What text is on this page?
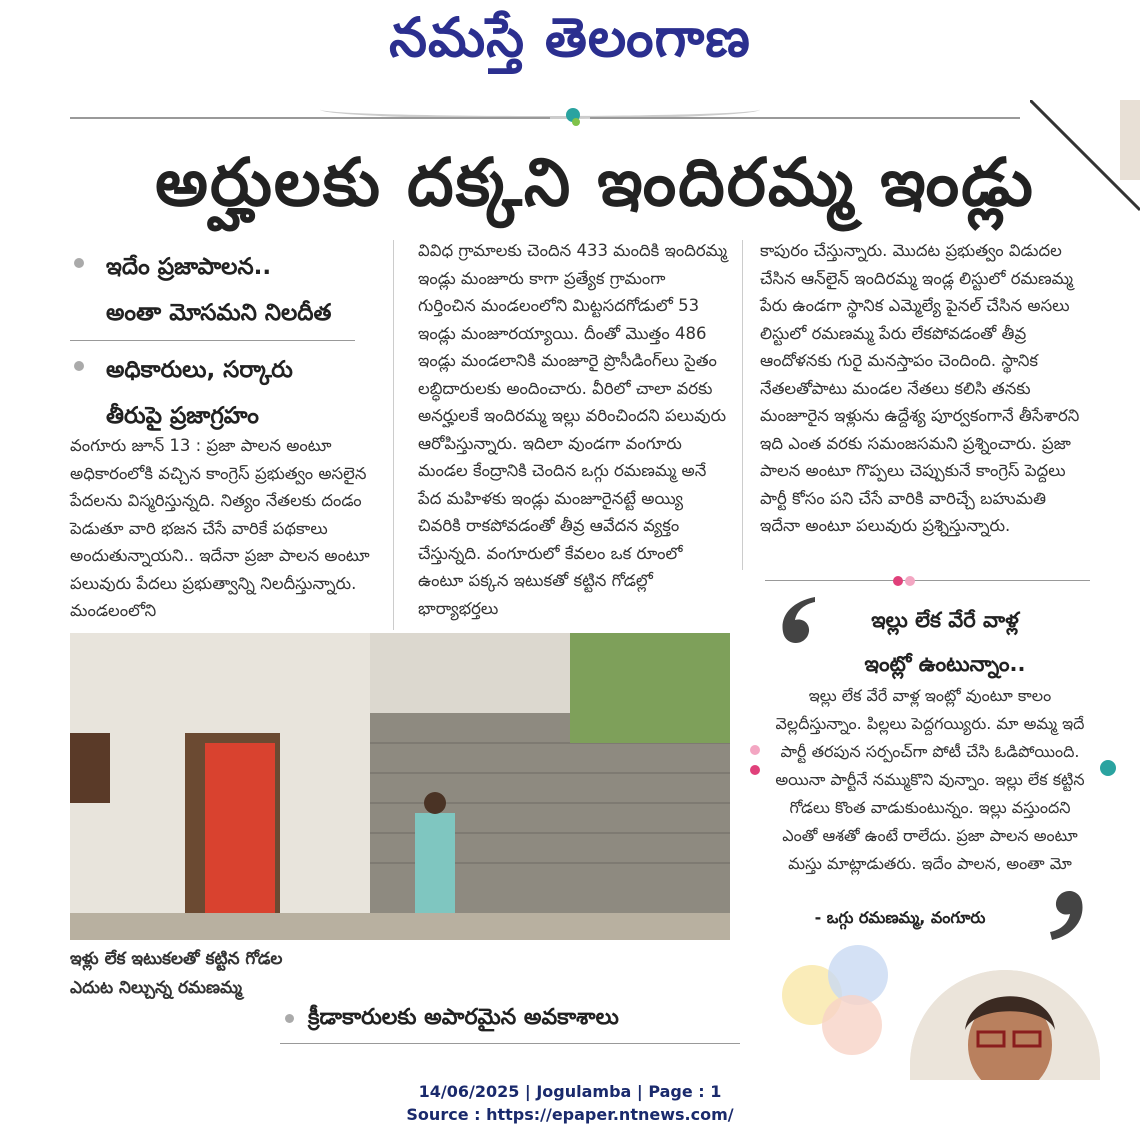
నమస్తే తెలంగాణ
అర్హులకు దక్కని ఇందిరమ్మ ఇండ్లు
ఇదేం ప్రజాపాలన..
అంతా మోసమని నిలదీత
అధికారులు, సర్కారు
తీరుపై ప్రజాగ్రహం
వంగూరు జూన్ 13 : ప్రజా పాలన అంటూ అధికారంలోకి వచ్చిన కాంగ్రెస్ ప్రభుత్వం అసలైన పేదలను విస్మరిస్తున్నది. నిత్యం నేతలకు దండం పెడుతూ వారి భజన చేసే వారికే పథకాలు అందుతున్నాయని.. ఇదేనా ప్రజా పాలన అంటూ పలువురు పేదలు ప్రభుత్వాన్ని నిలదీస్తున్నారు. మండలంలోని
వివిధ గ్రామాలకు చెందిన 433 మందికి ఇందిరమ్మ ఇండ్లు మంజూరు కాగా ప్రత్యేక గ్రామంగా గుర్తించిన మండలంలోని మిట్టసదగోడులో 53 ఇండ్లు మంజూరయ్యాయి. దీంతో మొత్తం 486 ఇండ్లు మండలానికి మంజూరై ప్రొసీడింగ్‌లు సైతం లబ్ధిదారులకు అందించారు. వీరిలో చాలా వరకు అనర్హులకే ఇందిరమ్మ ఇల్లు వరించిందని పలువురు ఆరోపిస్తున్నారు. ఇదిలా వుండగా వంగూరు మండల కేంద్రానికి చెందిన ఒగ్గు రమణమ్మ అనే పేద మహిళకు ఇండ్లు మంజూరైనట్టే అయ్యి చివరికి రాకపోవడంతో తీవ్ర ఆవేదన వ్యక్తం చేస్తున్నది. వంగూరులో కేవలం ఒక రూంలో ఉంటూ పక్కన ఇటుకతో కట్టిన గోడల్లో భార్యాభర్తలు
కాపురం చేస్తున్నారు. మొదట ప్రభుత్వం విడుదల చేసిన ఆన్‌లైన్ ఇందిరమ్మ ఇండ్ల లిస్టులో రమణమ్మ పేరు ఉండగా స్థానిక ఎమ్మెల్యే పైనల్ చేసిన అసలు లిస్టులో రమణమ్మ పేరు లేకపోవడంతో తీవ్ర ఆందోళనకు గురై మనస్తాపం చెందింది. స్థానిక నేతలతోపాటు మండల నేతలు కలిసి తనకు మంజూరైన ఇళ్లును ఉద్దేశ్య పూర్వకంగానే తీసేశారని ఇది ఎంత వరకు సమంజసమని ప్రశ్నించారు. ప్రజా పాలన అంటూ గొప్పలు చెప్పుకునే కాంగ్రెస్ పెద్దలు పార్టీ కోసం పని చేసే వారికి వారిచ్చే బహుమతి ఇదేనా అంటూ పలువురు ప్రశ్నిస్తున్నారు.
ఇళ్లు లేక ఇటుకలతో కట్టిన గోడల ఎదుట నిల్చున్న రమణమ్మ
ఇల్లు లేక వేరే వాళ్ల
ఇంట్లో ఉంటున్నాం..
ఇల్లు లేక వేరే వాళ్ల ఇంట్లో వుంటూ కాలం వెల్లదీస్తున్నాం. పిల్లలు పెద్దగయ్యిరు. మా అమ్మ ఇదే పార్టీ తరపున సర్పంచ్‌గా పోటీ చేసి ఓడిపోయింది. అయినా పార్టీనే నమ్ముకొని వున్నాం. ఇల్లు లేక కట్టిన గోడలు కొంత వాడుకుంటున్నం. ఇల్లు వస్తుందని ఎంతో ఆశతో ఉంటే రాలేదు. ప్రజా పాలన అంటూ మస్తు మాట్లాడుతరు. ఇదేం పాలన, అంతా మో
- ఒగ్గు రమణమ్మ, వంగూరు
క్రీడాకారులకు అపారమైన అవకాశాలు
14/06/2025 | Jogulamba | Page : 1
Source : https://epaper.ntnews.com/
